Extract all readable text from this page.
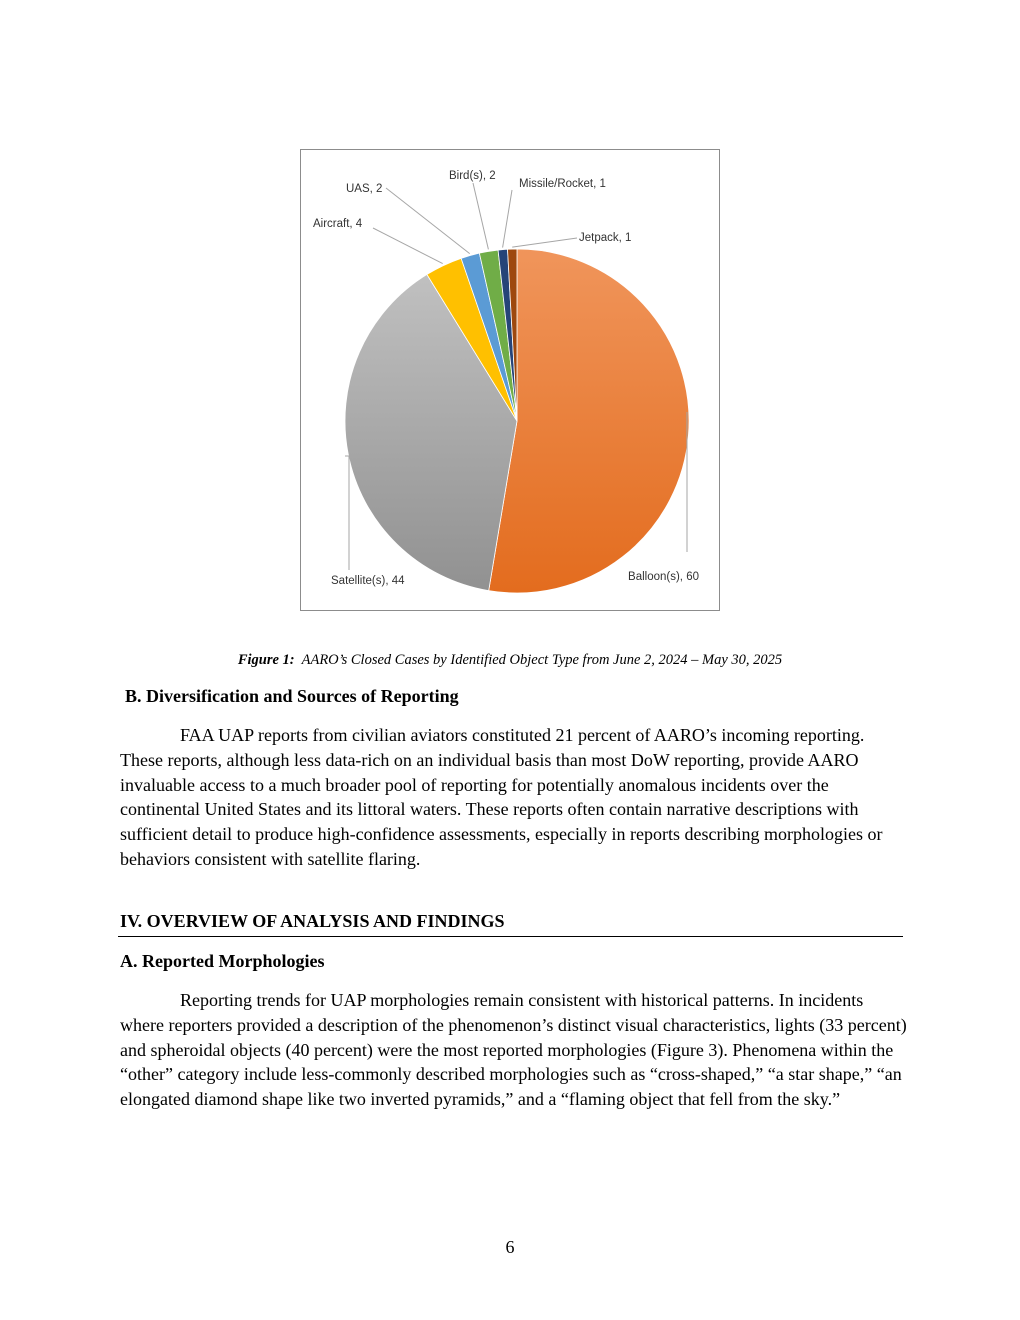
Balloon(s), 60
Satellite(s), 44
Aircraft, 4
UAS, 2
Bird(s), 2
Missile/Rocket, 1
Jetpack, 1
Figure 1: AARO’s Closed Cases by Identified Object Type from June 2, 2024 – May 30, 2025
B. Diversification and Sources of Reporting
FAA UAP reports from civilian aviators constituted 21 percent of AARO’s incoming reporting. These reports, although less data-rich on an individual basis than most DoW reporting, provide AARO invaluable access to a much broader pool of reporting for potentially anomalous incidents over the continental United States and its littoral waters. These reports often contain narrative descriptions with sufficient detail to produce high-confidence assessments, especially in reports describing morphologies or behaviors consistent with satellite flaring.
IV. OVERVIEW OF ANALYSIS AND FINDINGS
A. Reported Morphologies
Reporting trends for UAP morphologies remain consistent with historical patterns. In incidents where reporters provided a description of the phenomenon’s distinct visual characteristics, lights (33 percent) and spheroidal objects (40 percent) were the most reported morphologies (Figure 3). Phenomena within the “other” category include less-commonly described morphologies such as “cross-shaped,” “a star shape,” “an elongated diamond shape like two inverted pyramids,” and a “flaming object that fell from the sky.”
6
